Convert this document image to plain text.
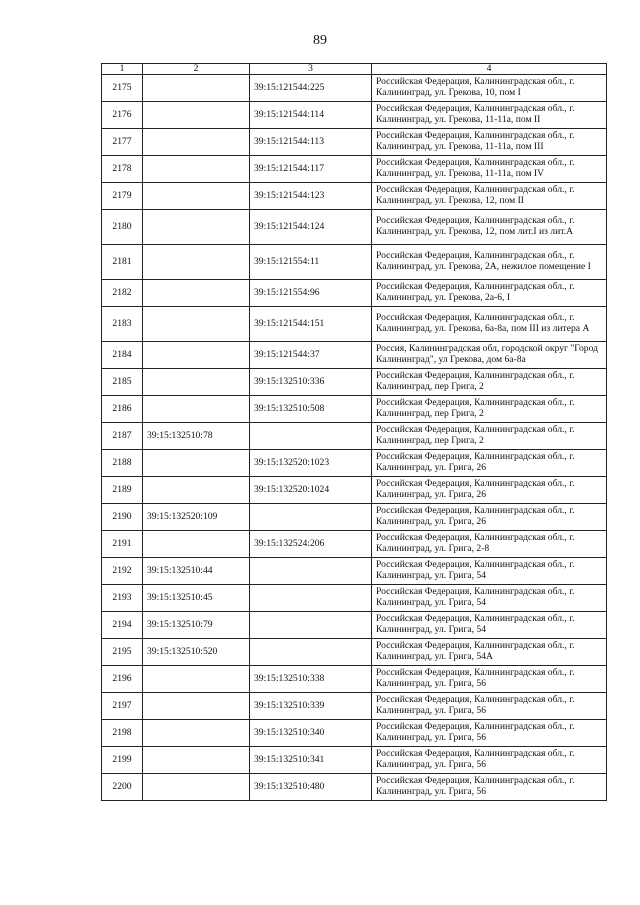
89
1	2	3	4
2175		39:15:121544:225	Российская Федерация, Калининградская обл., г. Калининград, ул. Грекова, 10, пом I
2176		39:15:121544:114	Российская Федерация, Калининградская обл., г. Калининград, ул. Грекова, 11-11а, пом II
2177		39:15:121544:113	Российская Федерация, Калининградская обл., г. Калининград, ул. Грекова, 11-11а, пом III
2178		39:15:121544:117	Российская Федерация, Калининградская обл., г. Калининград, ул. Грекова, 11-11а, пом IV
2179		39:15:121544:123	Российская Федерация, Калининградская обл., г. Калининград, ул. Грекова, 12, пом II
2180		39:15:121544:124	Российская Федерация, Калининградская обл., г. Калининград, ул. Грекова, 12, пом лит.I из лит.А
2181		39:15:121554:11	Российская Федерация, Калининградская обл., г. Калининград, ул. Грекова, 2А, нежилое помещение I
2182		39:15:121554:96	Российская Федерация, Калининградская обл., г. Калининград, ул. Грекова, 2а-6, I
2183		39:15:121544:151	Российская Федерация, Калининградская обл., г. Калининград, ул. Грекова, 6а-8а, пом III из литера А
2184		39:15:121544:37	Россия, Калининградская обл, городской округ "Город Калининград", ул Грекова, дом 6а-8а
2185		39:15:132510:336	Российская Федерация, Калининградская обл., г. Калининград, пер Грига, 2
2186		39:15:132510:508	Российская Федерация, Калининградская обл., г. Калининград, пер Грига, 2
2187	39:15:132510:78		Российская Федерация, Калининградская обл., г. Калининград, пер Грига, 2
2188		39:15:132520:1023	Российская Федерация, Калининградская обл., г. Калининград, ул. Грига, 26
2189		39:15:132520:1024	Российская Федерация, Калининградская обл., г. Калининград, ул. Грига, 26
2190	39:15:132520:109		Российская Федерация, Калининградская обл., г. Калининград, ул. Грига, 26
2191		39:15:132524:206	Российская Федерация, Калининградская обл., г. Калининград, ул. Грига, 2-8
2192	39:15:132510:44		Российская Федерация, Калининградская обл., г. Калининград, ул. Грига, 54
2193	39:15:132510:45		Российская Федерация, Калининградская обл., г. Калининград, ул. Грига, 54
2194	39:15:132510:79		Российская Федерация, Калининградская обл., г. Калининград, ул. Грига, 54
2195	39:15:132510:520		Российская Федерация, Калининградская обл., г. Калининград, ул. Грига, 54А
2196		39:15:132510:338	Российская Федерация, Калининградская обл., г. Калининград, ул. Грига, 56
2197		39:15:132510:339	Российская Федерация, Калининградская обл., г. Калининград, ул. Грига, 56
2198		39:15:132510:340	Российская Федерация, Калининградская обл., г. Калининград, ул. Грига, 56
2199		39:15:132510:341	Российская Федерация, Калининградская обл., г. Калининград, ул. Грига, 56
2200		39:15:132510:480	Российская Федерация, Калининградская обл., г. Калининград, ул. Грига, 56
